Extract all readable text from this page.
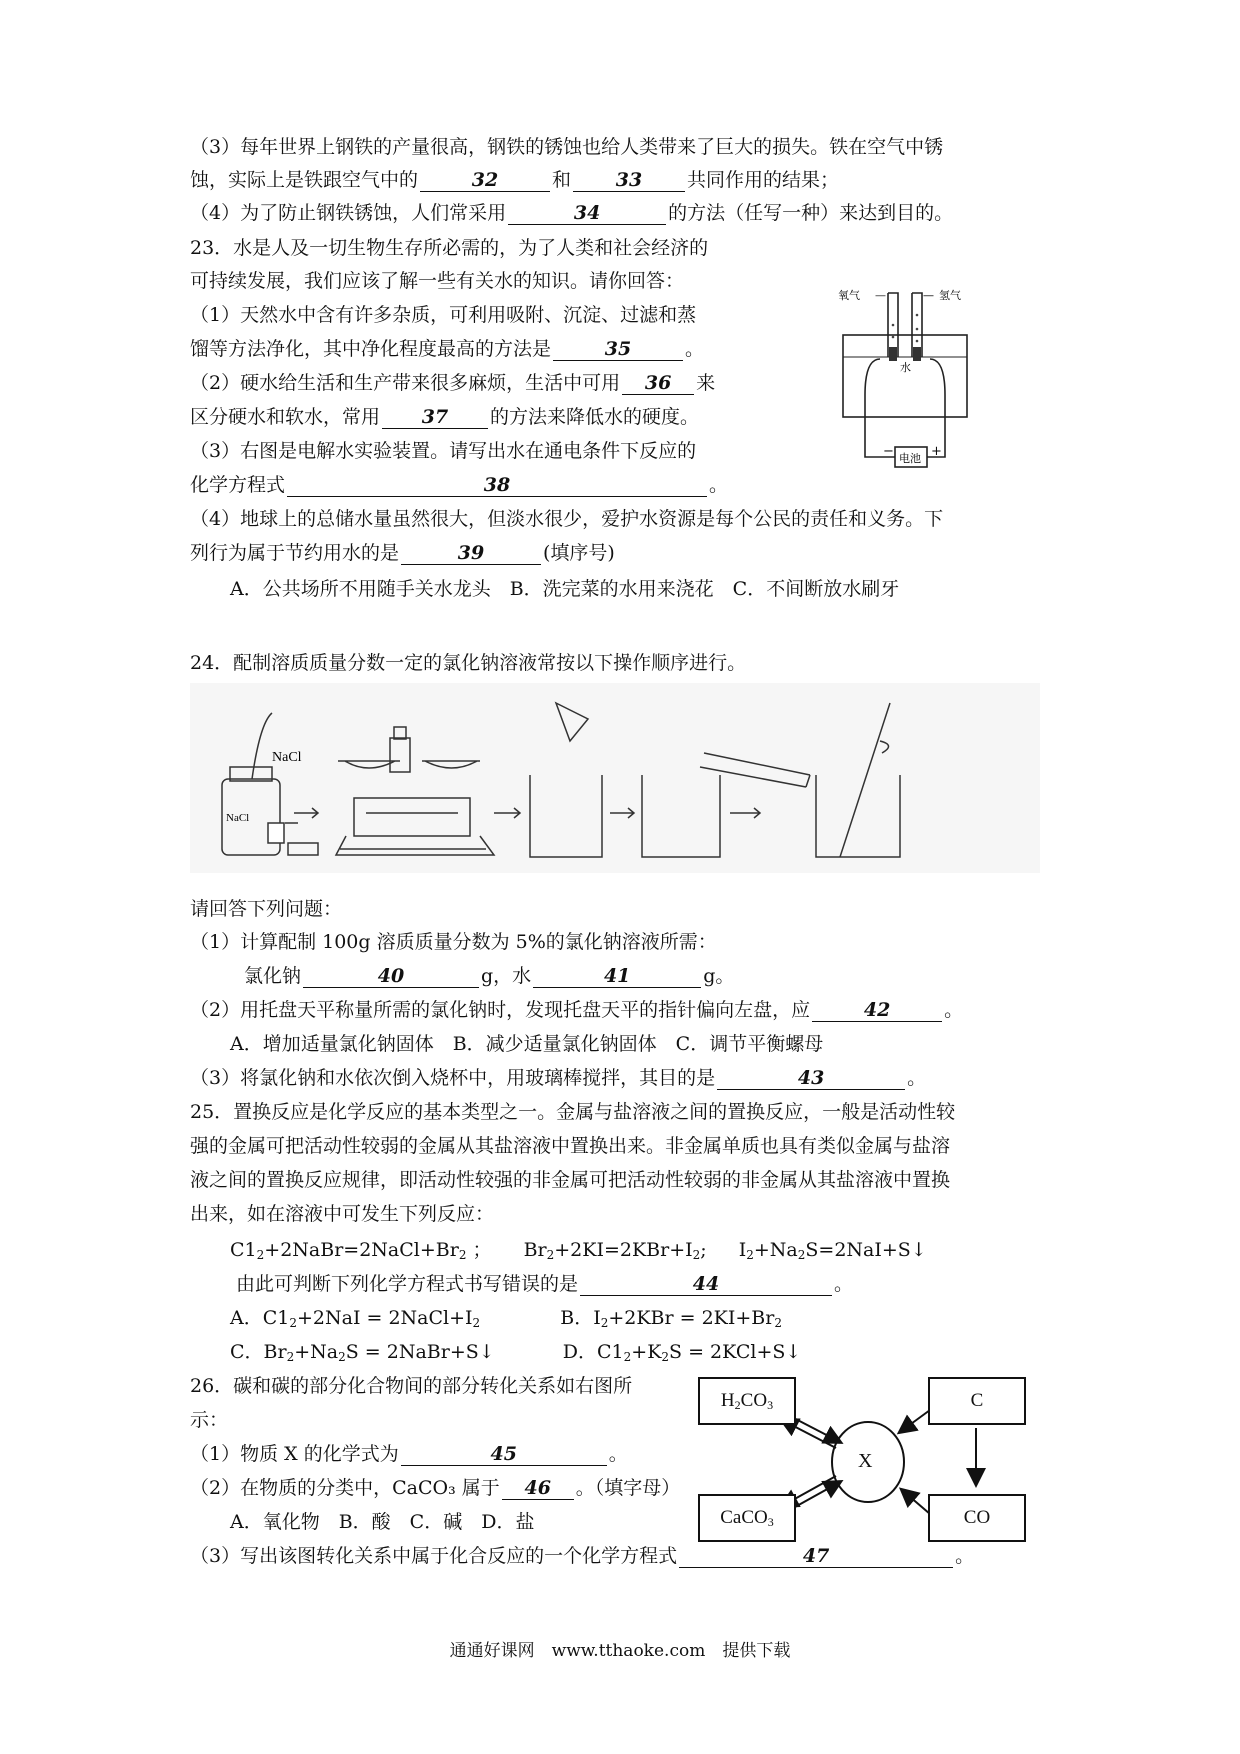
（3）每年世界上钢铁的产量很高，钢铁的锈蚀也给人类带来了巨大的损失。铁在空气中锈
蚀，实际上是铁跟空气中的	32	和 33 共同作用的结果；
（4）为了防止钢铁锈蚀，人们常采用	34	的方法（任写一种）来达到目的。
23．水是人及一切生物生存所必需的，为了人类和社会经济的
可持续发展，我们应该了解一些有关水的知识。请你回答：
（1）天然水中含有许多杂质，可利用吸附、沉淀、过滤和蒸
馏等方法净化，其中净化程度最高的方法是	35	。
（2）硬水给生活和生产带来很多麻烦，生活中可用 36 来
区分硬水和软水，常用 37 的方法来降低水的硬度。
（3）右图是电解水实验装置。请写出水在通电条件下反应的
化学方程式	38	。
（4）地球上的总储水量虽然很大，但淡水很少，爱护水资源是每个公民的责任和义务。下
列行为属于节约用水的是	39	(填序号)
A．公共场所不用随手关水龙头　B．洗完菜的水用来浇花　C．不间断放水刷牙
氧气 —	— 氢气
水
电池
−	+
24．配制溶质质量分数一定的氯化钠溶液常按以下操作顺序进行。
NaCl
NaCl
请回答下列问题：
（1）计算配制 100g 溶质质量分数为 5%的氯化钠溶液所需：
氯化钠	40	g，水	41	g。
（2）用托盘天平称量所需的氯化钠时，发现托盘天平的指针偏向左盘，应	42	。
A．增加适量氯化钠固体　B．减少适量氯化钠固体　C．调节平衡螺母
（3）将氯化钠和水依次倒入烧杯中，用玻璃棒搅拌，其目的是	43	。
25．置换反应是化学反应的基本类型之一。金属与盐溶液之间的置换反应，一般是活动性较
强的金属可把活动性较弱的金属从其盐溶液中置换出来。非金属单质也具有类似金属与盐溶
液之间的置换反应规律，即活动性较强的非金属可把活动性较弱的非金属从其盐溶液中置换
出来，如在溶液中可发生下列反应：
$C1_2+2NaBr=2NaCl+Br_2$ ； $Br_2+2KI=2KBr+I_2$; $I_2+Na_2S=2NaI+S↓$
由此可判断下列化学方程式书写错误的是	44	。
A．$C1_2+2NaI$ = $2NaCl+I_2$	B．$I_2+2KBr = 2KI+Br_2$
C．$Br_2+Na_2S$ = 2NaBr+S↓	D．$C1_2+K_2S$ = 2KCl+S↓
26．碳和碳的部分化合物间的部分转化关系如右图所
示：
（1）物质 X 的化学式为	45	。
（2）在物质的分类中，CaCO₃ 属于 46 。（填字母）
A．氧化物　B．酸　C．碱　D．盐
（3）写出该图转化关系中属于化合反应的一个化学方程式	47	。
$H_2CO_3$	C
CaCO$_3$	CO
X
通通好课网　www.tthaoke.com　提供下载
